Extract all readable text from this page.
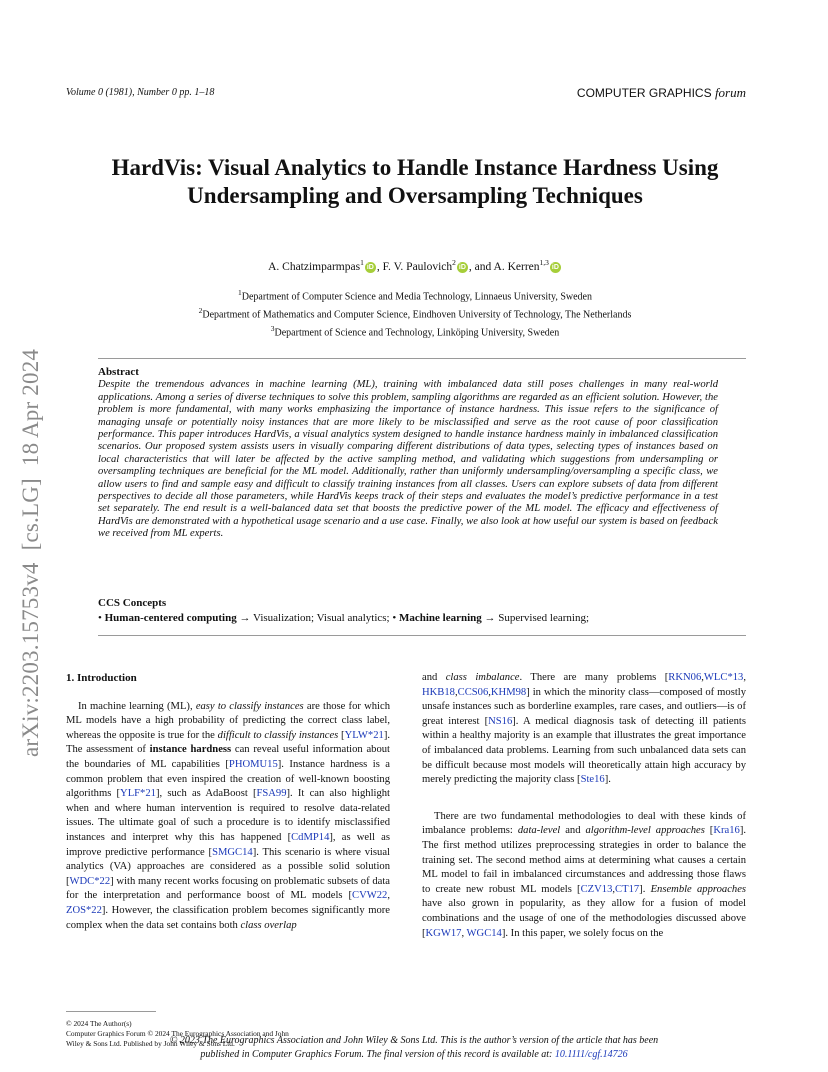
Volume 0 (1981), Number 0 pp. 1–18	COMPUTER GRAPHICS forum
arXiv:2203.15753v4
[cs.LG]
18 Apr 2024
HardVis: Visual Analytics to Handle Instance Hardness Using
Undersampling and Oversampling Techniques
A. Chatzimparmpas$^1$iD , F. V. Paulovich$^2$iD , and A. Kerren$^{1,3}$iD
$^1$Department of Computer Science and Media Technology, Linnaeus University, Sweden
$^2$Department of Mathematics and Computer Science, Eindhoven University of Technology, The Netherlands
$^3$Department of Science and Technology, Linköping University, Sweden
Abstract

Despite the tremendous advances in machine learning (ML), training with imbalanced data still poses challenges in many real-world applications. Among a series of diverse techniques to solve this problem, sampling algorithms are regarded as an efficient solution. However, the problem is more fundamental, with many works emphasizing the importance of instance hardness. This issue refers to the significance of managing unsafe or potentially noisy instances that are more likely to be misclassified and serve as the root cause of poor classification performance. This paper introduces HardVis, a visual analytics system designed to handle instance hardness mainly in imbalanced classification scenarios. Our proposed system assists users in visually comparing different distributions of data types, selecting types of instances based on local characteristics that will later be affected by the active sampling method, and validating which suggestions from undersampling or oversampling techniques are beneficial for the ML model. Additionally, rather than uniformly undersampling/oversampling a specific class, we allow users to find and sample easy and difficult to classify training instances from all classes. Users can explore subsets of data from different perspectives to decide all those parameters, while HardVis keeps track of their steps and evaluates the model’s predictive performance in a test set separately. The end result is a well-balanced data set that boosts the predictive power of the ML model. The efficacy and effectiveness of HardVis are demonstrated with a hypothetical usage scenario and a use case. Finally, we also look at how useful our system is based on feedback we received from ML experts.

CCS Concepts
• Human-centered computing → Visualization; Visual analytics; • Machine learning → Supervised learning;

1. Introduction

In machine learning (ML), easy to classify instances are those for which ML models have a high probability of predicting the correct class label, whereas the opposite is true for the difficult to classify instances [YLW*21]. The assessment of instance hardness can reveal useful information about the boundaries of ML capabilities [PHOMU15]. Instance hardness is a common problem that even inspired the creation of well-known boosting algorithms [YLF*21], such as AdaBoost [FSA99]. It can also highlight when and where human intervention is required to resolve data-related issues. The ultimate goal of such a procedure is to identify misclassified instances and interpret why this has happened [CdMP14], as well as improve predictive performance [SMGC14]. This scenario is where visual analytics (VA) approaches are considered as a possible solid solution [WDC*22] with many recent works focusing on problematic subsets of data for the interpretation and performance boost of ML models [CVW22, ZOS*22]. However, the classification problem becomes significantly more complex when the data set contains both class overlap

and class imbalance. There are many problems [RKN06,WLC*13, HKB18,CCS06,KHM98] in which the minority class—composed of mostly unsafe instances such as borderline examples, rare cases, and outliers—is of great interest [NS16]. A medical diagnosis task of detecting ill patients within a healthy majority is an example that illustrates the great importance of imbalanced data problems. Learning from such unbalanced data sets can be difficult because most models will theoretically attain high accuracy by merely predicting the majority class [Ste16].

There are two fundamental methodologies to deal with these kinds of imbalance problems: data-level and algorithm-level approaches [Kra16]. The first method utilizes preprocessing strategies in order to balance the training set. The second method aims at determining what causes a certain ML model to fail in imbalanced circumstances and addressing those flaws to create new robust ML models [CZV13,CT17]. Ensemble approaches have also grown in popularity, as they allow for a fusion of model combinations and the usage of one of the methodologies discussed above [KGW17, WGC14]. In this paper, we solely focus on the

© 2024 The Author(s)
Computer Graphics Forum © 2024 The Eurographics Association and John
Wiley & Sons Ltd. Published by John Wiley & Sons Ltd.
© 2023 The Eurographics Association and John Wiley & Sons Ltd. This is the author’s version of the article that has been
published in Computer Graphics Forum. The final version of this record is available at: 10.1111/cgf.14726
